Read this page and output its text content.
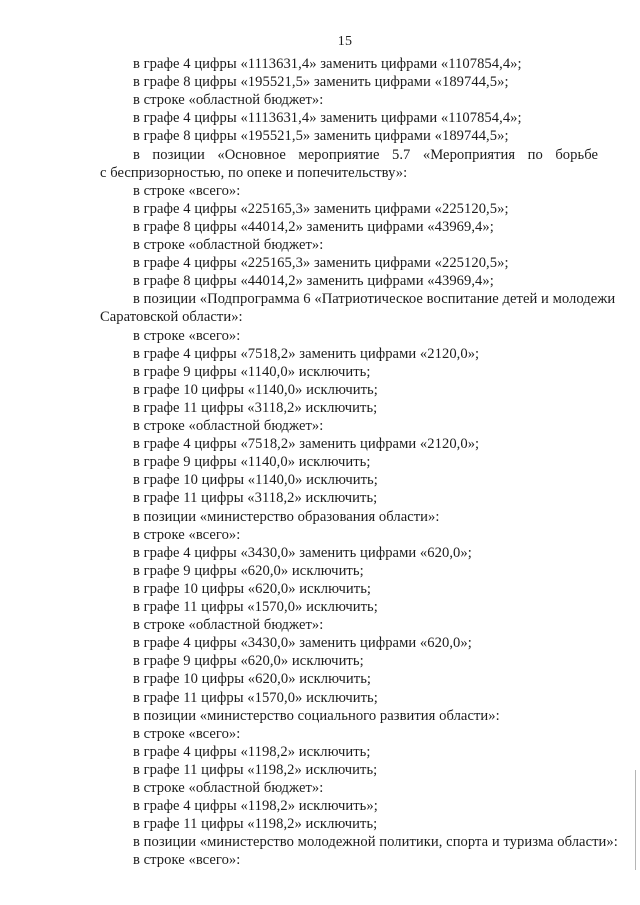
15
в графе 4 цифры «1113631,4» заменить цифрами «1107854,4»;
в графе 8 цифры «195521,5» заменить цифрами «189744,5»;
в строке «областной бюджет»:
в графе 4 цифры «1113631,4» заменить цифрами «1107854,4»;
в графе 8 цифры «195521,5» заменить цифрами «189744,5»;
в позиции «Основное мероприятие 5.7 «Мероприятия по борьбе
с беспризорностью, по опеке и попечительству»:
в строке «всего»:
в графе 4 цифры «225165,3» заменить цифрами «225120,5»;
в графе 8 цифры «44014,2» заменить цифрами «43969,4»;
в строке «областной бюджет»:
в графе 4 цифры «225165,3» заменить цифрами «225120,5»;
в графе 8 цифры «44014,2» заменить цифрами «43969,4»;
в позиции «Подпрограмма 6 «Патриотическое воспитание детей и молодежи
Саратовской области»:
в строке «всего»:
в графе 4 цифры «7518,2» заменить цифрами «2120,0»;
в графе 9 цифры «1140,0» исключить;
в графе 10 цифры «1140,0» исключить;
в графе 11 цифры «3118,2» исключить;
в строке «областной бюджет»:
в графе 4 цифры «7518,2» заменить цифрами «2120,0»;
в графе 9 цифры «1140,0» исключить;
в графе 10 цифры «1140,0» исключить;
в графе 11 цифры «3118,2» исключить;
в позиции «министерство образования области»:
в строке «всего»:
в графе 4 цифры «3430,0» заменить цифрами «620,0»;
в графе 9 цифры «620,0» исключить;
в графе 10 цифры «620,0» исключить;
в графе 11 цифры «1570,0» исключить;
в строке «областной бюджет»:
в графе 4 цифры «3430,0» заменить цифрами «620,0»;
в графе 9 цифры «620,0» исключить;
в графе 10 цифры «620,0» исключить;
в графе 11 цифры «1570,0» исключить;
в позиции «министерство социального развития области»:
в строке «всего»:
в графе 4 цифры «1198,2» исключить;
в графе 11 цифры «1198,2» исключить;
в строке «областной бюджет»:
в графе 4 цифры «1198,2» исключить»;
в графе 11 цифры «1198,2» исключить;
в позиции «министерство молодежной политики, спорта и туризма области»:
в строке «всего»:
